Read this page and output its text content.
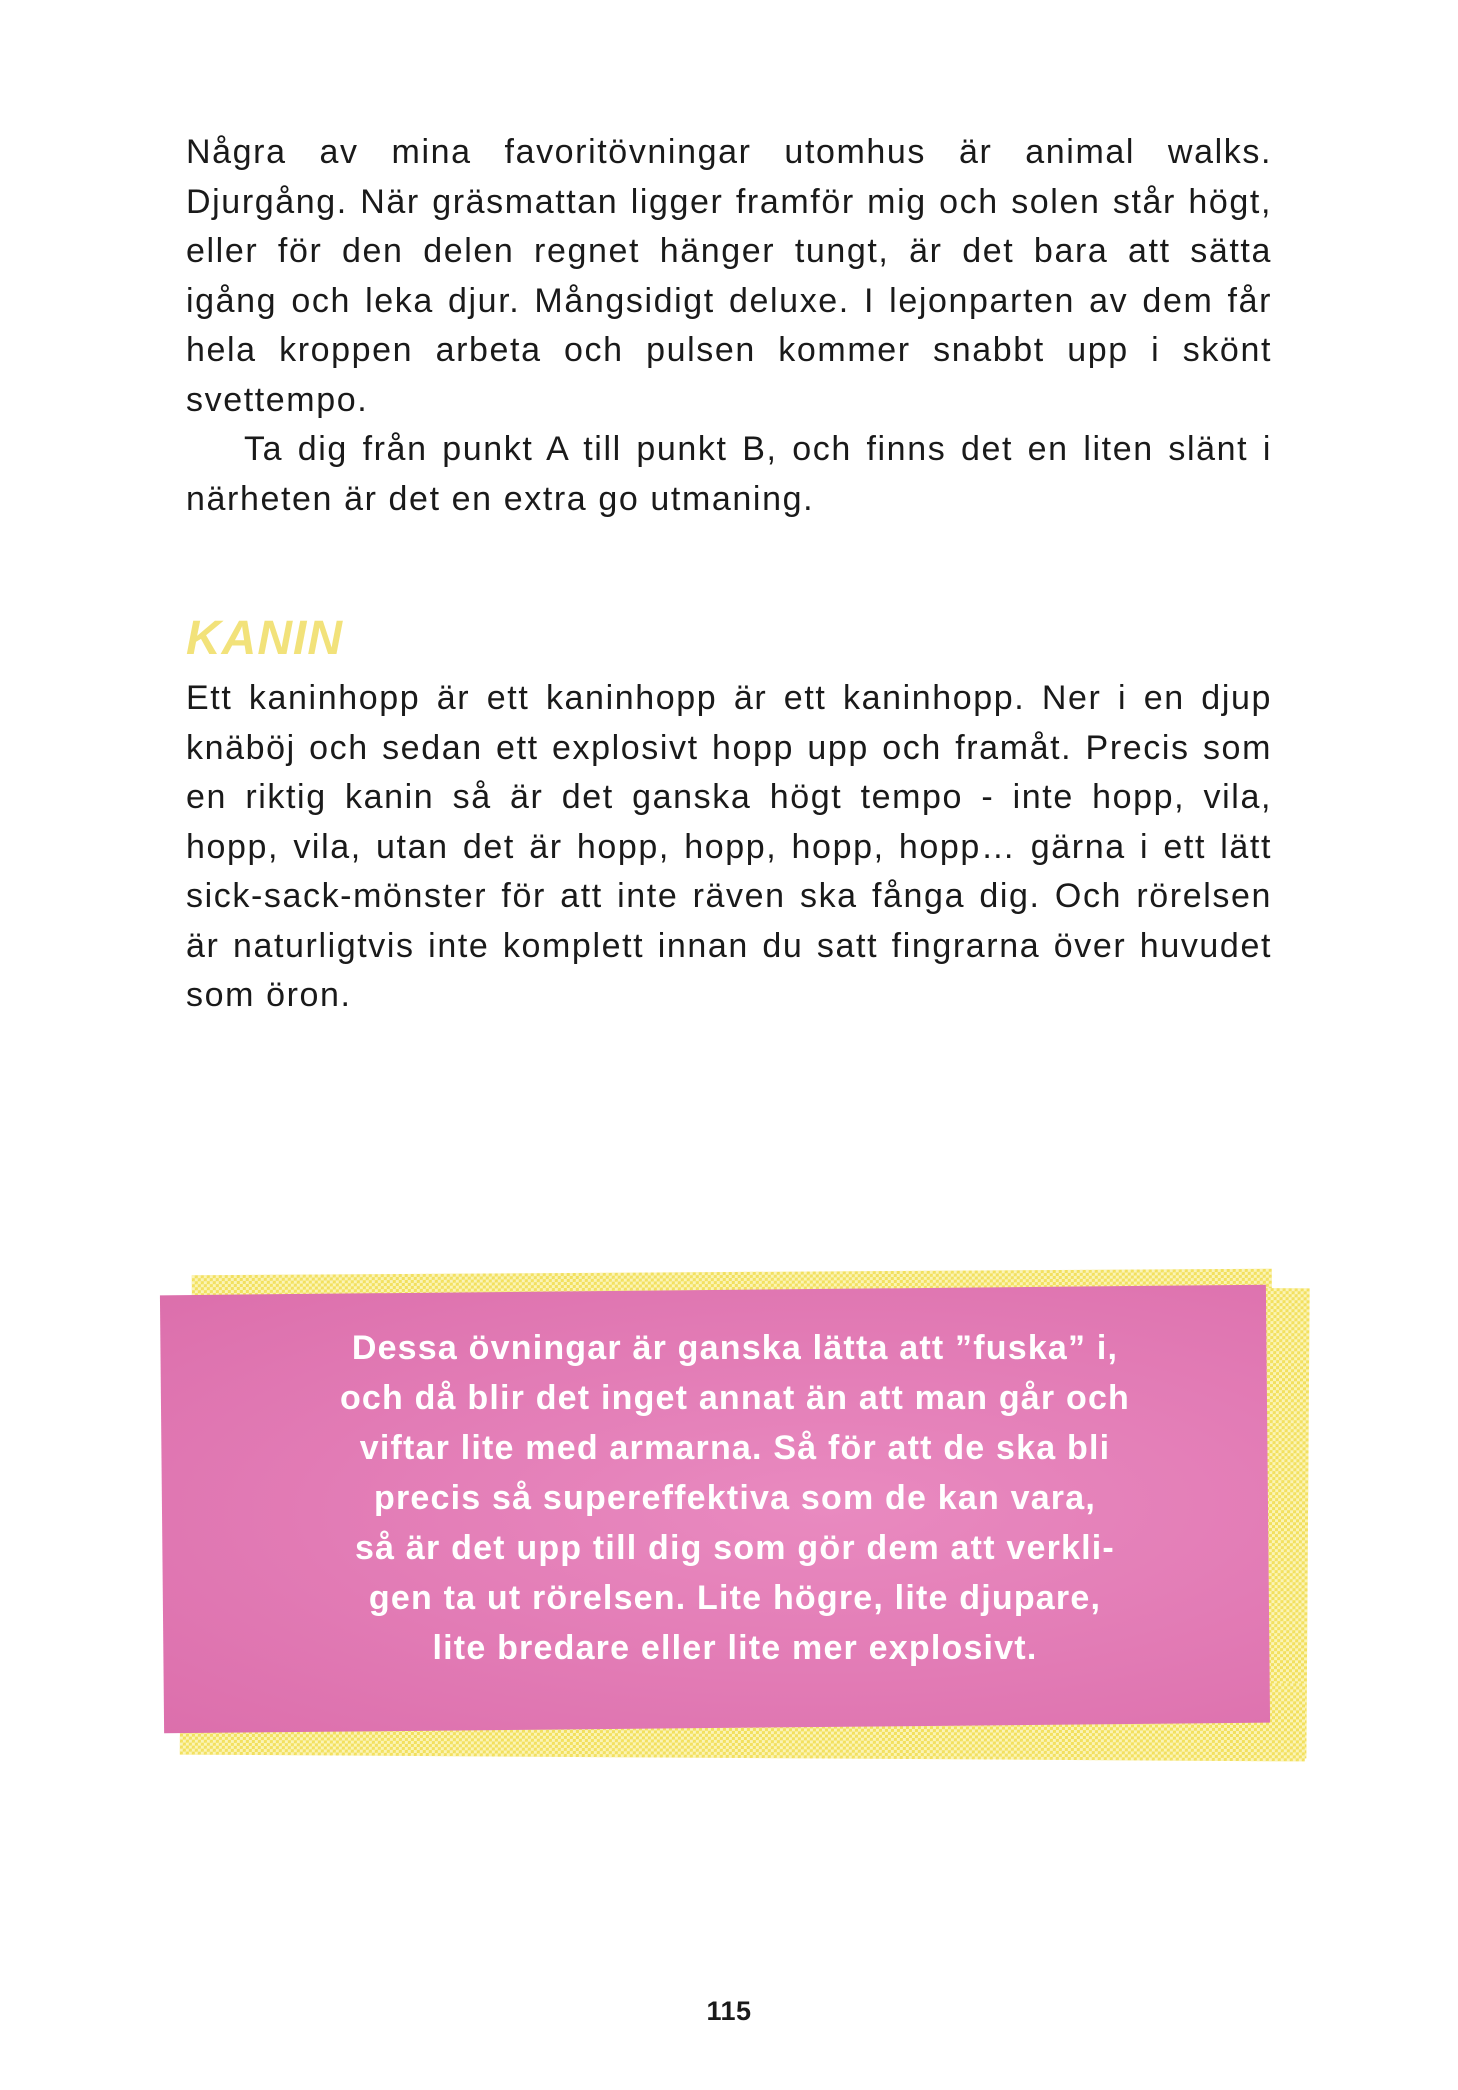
Några av mina favoritövningar utomhus är animal walks. Djurgång. När gräsmattan ligger framför mig och solen står högt, eller för den delen regnet hänger tungt, är det bara att sätta igång och leka djur. Mångsidigt deluxe. I lejonparten av dem får hela kroppen arbeta och pulsen kommer snabbt upp i skönt svettempo.

Ta dig från punkt A till punkt B, och finns det en liten slänt i närheten är det en extra go utmaning.

KANIN

Ett kaninhopp är ett kaninhopp är ett kaninhopp. Ner i en djup knäböj och sedan ett explosivt hopp upp och framåt. Precis som en riktig kanin så är det ganska högt tempo - inte hopp, vila, hopp, vila, utan det är hopp, hopp, hopp, hopp… gärna i ett lätt sick-sack-mönster för att inte räven ska fånga dig. Och rörelsen är naturligtvis inte komplett innan du satt fingrarna över huvudet som öron.

Dessa övningar är ganska lätta att ”fuska” i,
och då blir det inget annat än att man går och
viftar lite med armarna. Så för att de ska bli
precis så supereffektiva som de kan vara,
så är det upp till dig som gör dem att verkli-
gen ta ut rörelsen. Lite högre, lite djupare,
lite bredare eller lite mer explosivt.

115
